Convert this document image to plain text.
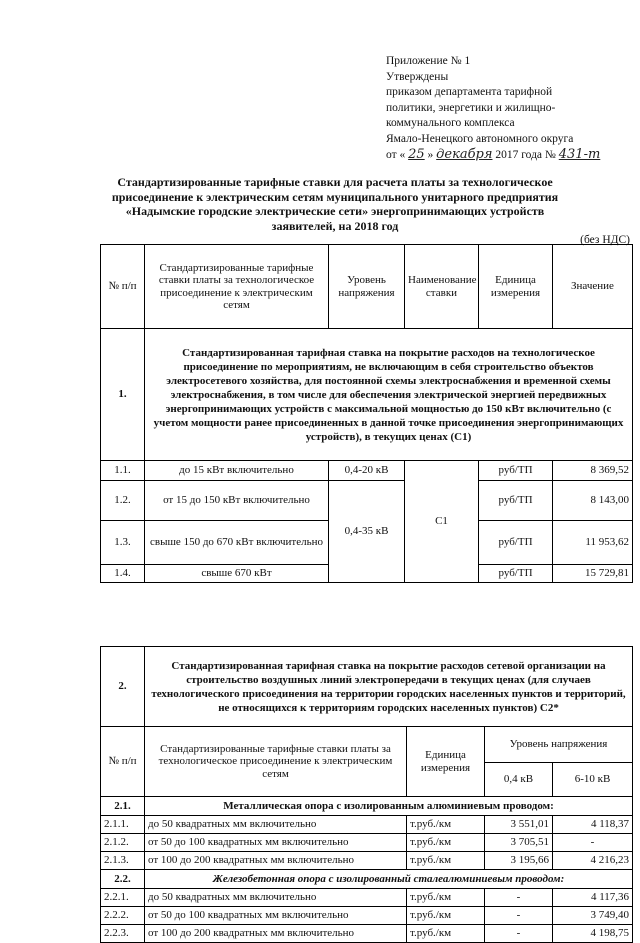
Приложение № 1
Утверждены
приказом департамента тарифной
политики, энергетики и жилищно-
коммунального комплекса
Ямало-Ненецкого автономного округа
от « 25 » декабря 2017 года № 431-т
Стандартизированные тарифные ставки для расчета платы за технологическое присоединение к электрическим сетям муниципального унитарного предприятия «Надымские городские электрические сети» энергопринимающих устройств заявителей, на 2018 год
(без НДС)
№ п/п	Стандартизированные тарифные ставки платы за технологическое присоединение к электрическим сетям	Уровень напряжения	Наименование ставки	Единица измерения	Значение
1.	Стандартизированная тарифная ставка на покрытие расходов на технологическое присоединение по мероприятиям, не включающим в себя строительство объектов электросетевого хозяйства, для постоянной схемы электроснабжения и временной схемы электроснабжения, в том числе для обеспечения электрической энергией передвижных энергопринимающих устройств с максимальной мощностью до 150 кВт включительно (с учетом мощности ранее присоединенных в данной точке присоединения энергопринимающих устройств), в текущих ценах (С1)				
1.1.	до 15 кВт включительно	0,4-20 кВ	С1	руб/ТП	8 369,52
1.2.	от 15 до 150 кВт включительно	0,4-35 кВ		руб/ТП	8 143,00
1.3.	свыше 150 до 670 кВт включительно			руб/ТП	11 953,62
1.4.	свыше 670 кВт			руб/ТП	15 729,81
2.	Стандартизированная тарифная ставка на покрытие расходов сетевой организации на строительство воздушных линий электропередачи в текущих ценах (для случаев технологического присоединения на территории городских населенных пунктов и территорий, не относящихся к территориям городских населенных пунктов) С2*			
№ п/п	Стандартизированные тарифные ставки платы за технологическое присоединение к электрическим сетям	Единица измерения	Уровень напряжения	
			0,4 кВ	6-10 кВ
2.1.	Металлическая опора с изолированным алюминиевым проводом:			
2.1.1.	до 50 квадратных мм включительно	т.руб./км	3 551,01	4 118,37
2.1.2.	от 50 до 100 квадратных мм включительно	т.руб./км	3 705,51	-
2.1.3.	от 100 до 200 квадратных мм включительно	т.руб./км	3 195,66	4 216,23
2.2.	Железобетонная опора с изолированный сталеалюминиевым проводом:			
2.2.1.	до 50 квадратных мм включительно	т.руб./км	-	4 117,36
2.2.2.	от 50 до 100 квадратных мм включительно	т.руб./км	-	3 749,40
2.2.3.	от 100 до 200 квадратных мм включительно	т.руб./км	-	4 198,75
